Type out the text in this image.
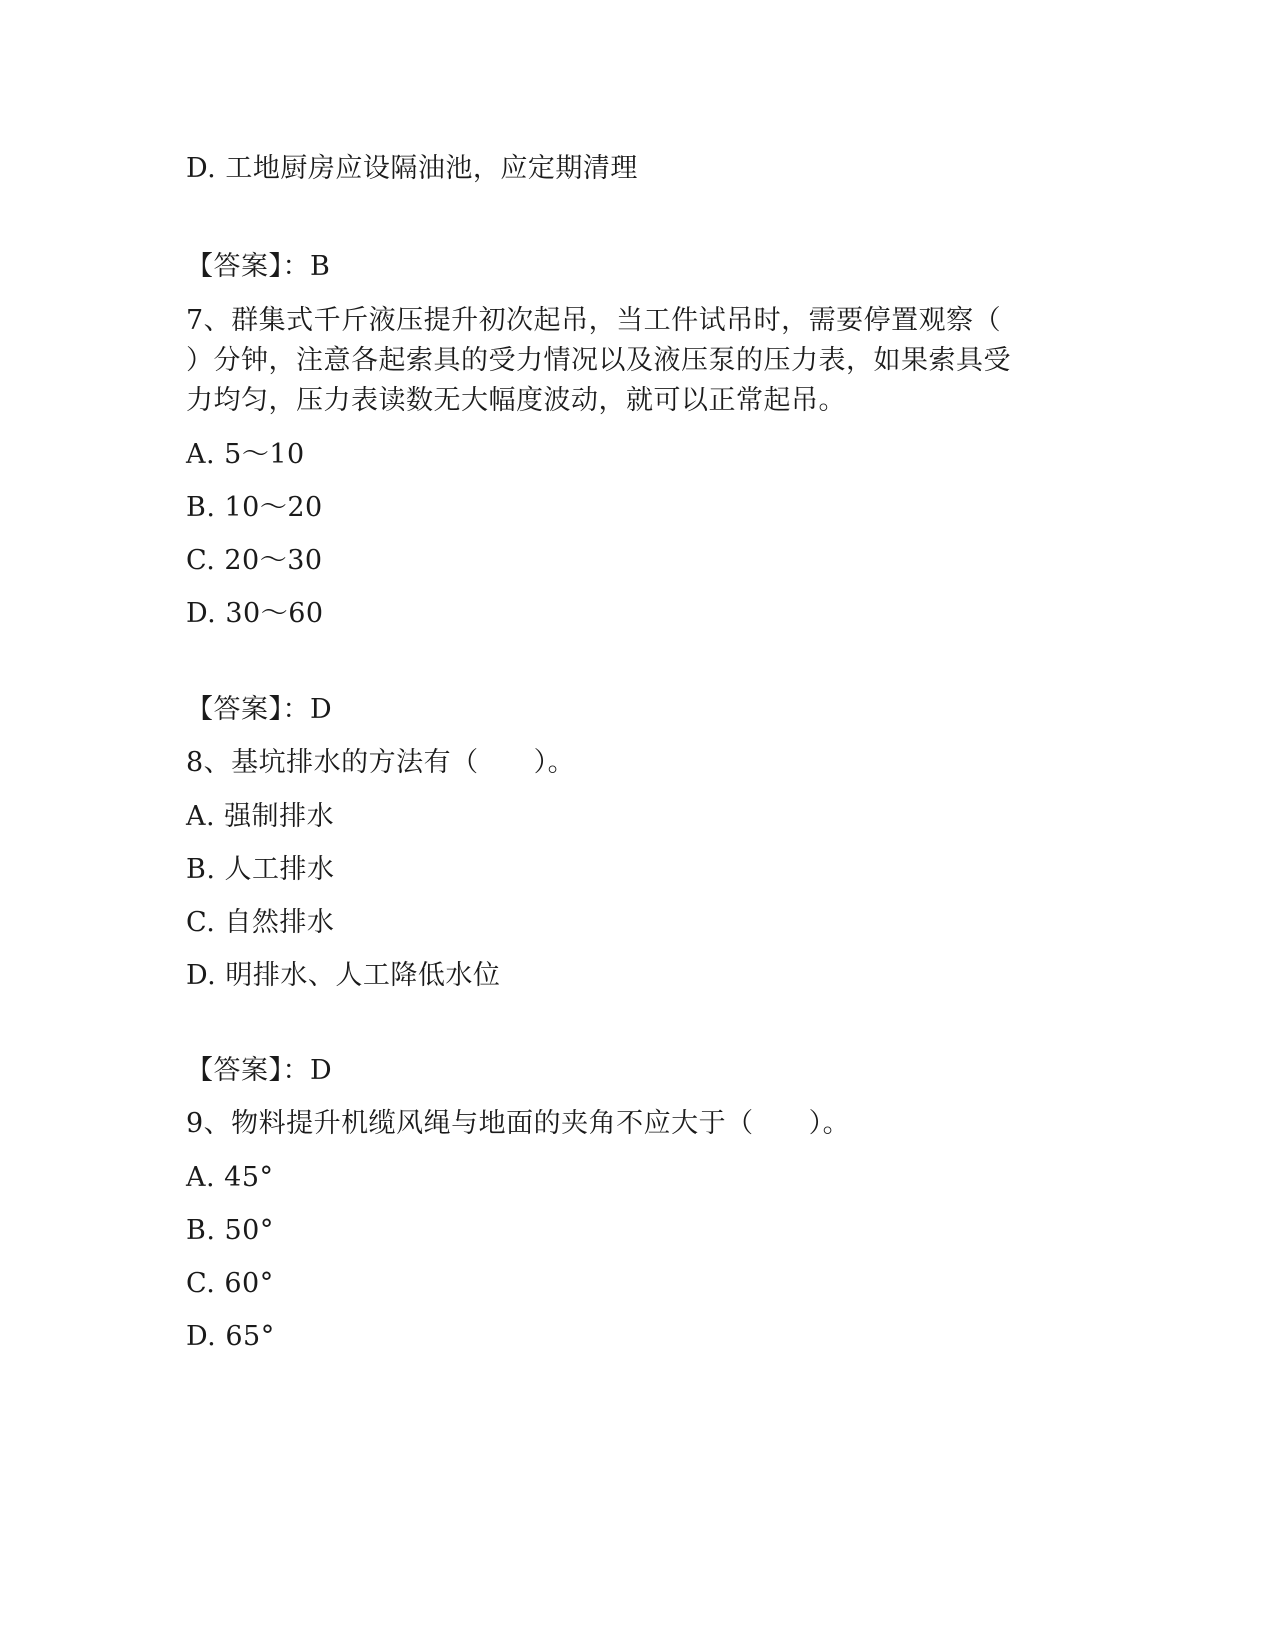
D. 工地厨房应设隔油池，应定期清理
【答案】：B
7、群集式千斤液压提升初次起吊，当工件试吊时，需要停置观察（
）分钟，注意各起索具的受力情况以及液压泵的压力表，如果索具受
力均匀，压力表读数无大幅度波动，就可以正常起吊。
A. 5～10
B. 10～20
C. 20～30
D. 30～60
【答案】：D
8、基坑排水的方法有（　　）。
A. 强制排水
B. 人工排水
C. 自然排水
D. 明排水、人工降低水位
【答案】：D
9、物料提升机缆风绳与地面的夹角不应大于（　　）。
A. 45°
B. 50°
C. 60°
D. 65°
